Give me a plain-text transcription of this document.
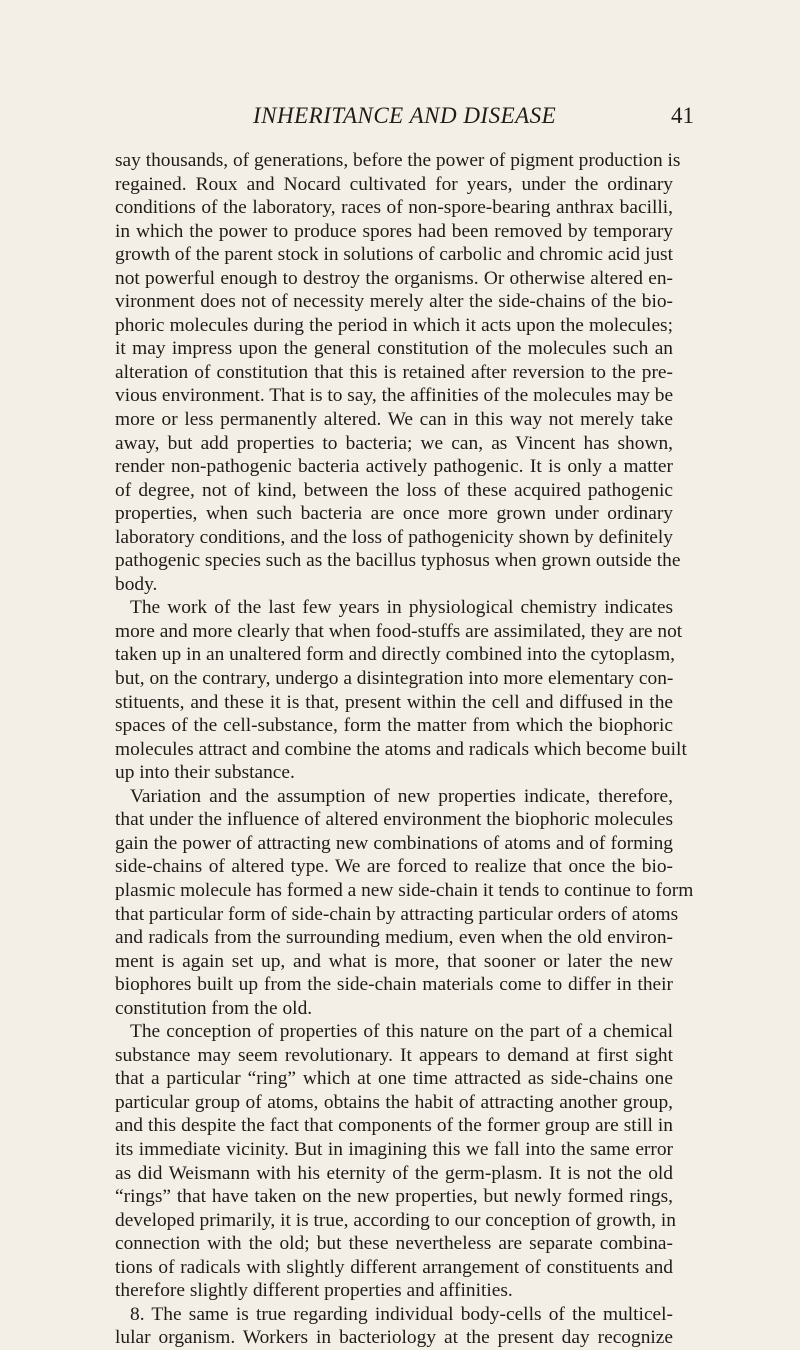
INHERITANCE AND DISEASE	41
say thousands, of generations, before the power of pigment production is
regained. Roux and Nocard cultivated for years, under the ordinary
conditions of the laboratory, races of non-spore-bearing anthrax bacilli,
in which the power to produce spores had been removed by temporary
growth of the parent stock in solutions of carbolic and chromic acid just
not powerful enough to destroy the organisms. Or otherwise altered en-
vironment does not of necessity merely alter the side-chains of the bio-
phoric molecules during the period in which it acts upon the molecules;
it may impress upon the general constitution of the molecules such an
alteration of constitution that this is retained after reversion to the pre-
vious environment. That is to say, the affinities of the molecules may be
more or less permanently altered. We can in this way not merely take
away, but add properties to bacteria; we can, as Vincent has shown,
render non-pathogenic bacteria actively pathogenic. It is only a matter
of degree, not of kind, between the loss of these acquired pathogenic
properties, when such bacteria are once more grown under ordinary
laboratory conditions, and the loss of pathogenicity shown by definitely
pathogenic species such as the bacillus typhosus when grown outside the
body.
The work of the last few years in physiological chemistry indicates
more and more clearly that when food-stuffs are assimilated, they are not
taken up in an unaltered form and directly combined into the cytoplasm,
but, on the contrary, undergo a disintegration into more elementary con-
stituents, and these it is that, present within the cell and diffused in the
spaces of the cell-substance, form the matter from which the biophoric
molecules attract and combine the atoms and radicals which become built
up into their substance.
Variation and the assumption of new properties indicate, therefore,
that under the influence of altered environment the biophoric molecules
gain the power of attracting new combinations of atoms and of forming
side-chains of altered type. We are forced to realize that once the bio-
plasmic molecule has formed a new side-chain it tends to continue to form
that particular form of side-chain by attracting particular orders of atoms
and radicals from the surrounding medium, even when the old environ-
ment is again set up, and what is more, that sooner or later the new
biophores built up from the side-chain materials come to differ in their
constitution from the old.
The conception of properties of this nature on the part of a chemical
substance may seem revolutionary. It appears to demand at first sight
that a particular “ring” which at one time attracted as side-chains one
particular group of atoms, obtains the habit of attracting another group,
and this despite the fact that components of the former group are still in
its immediate vicinity. But in imagining this we fall into the same error
as did Weismann with his eternity of the germ-plasm. It is not the old
“rings” that have taken on the new properties, but newly formed rings,
developed primarily, it is true, according to our conception of growth, in
connection with the old; but these nevertheless are separate combina-
tions of radicals with slightly different arrangement of constituents and
therefore slightly different properties and affinities.
8. The same is true regarding individual body-cells of the multicel-
lular organism. Workers in bacteriology at the present day recognize
